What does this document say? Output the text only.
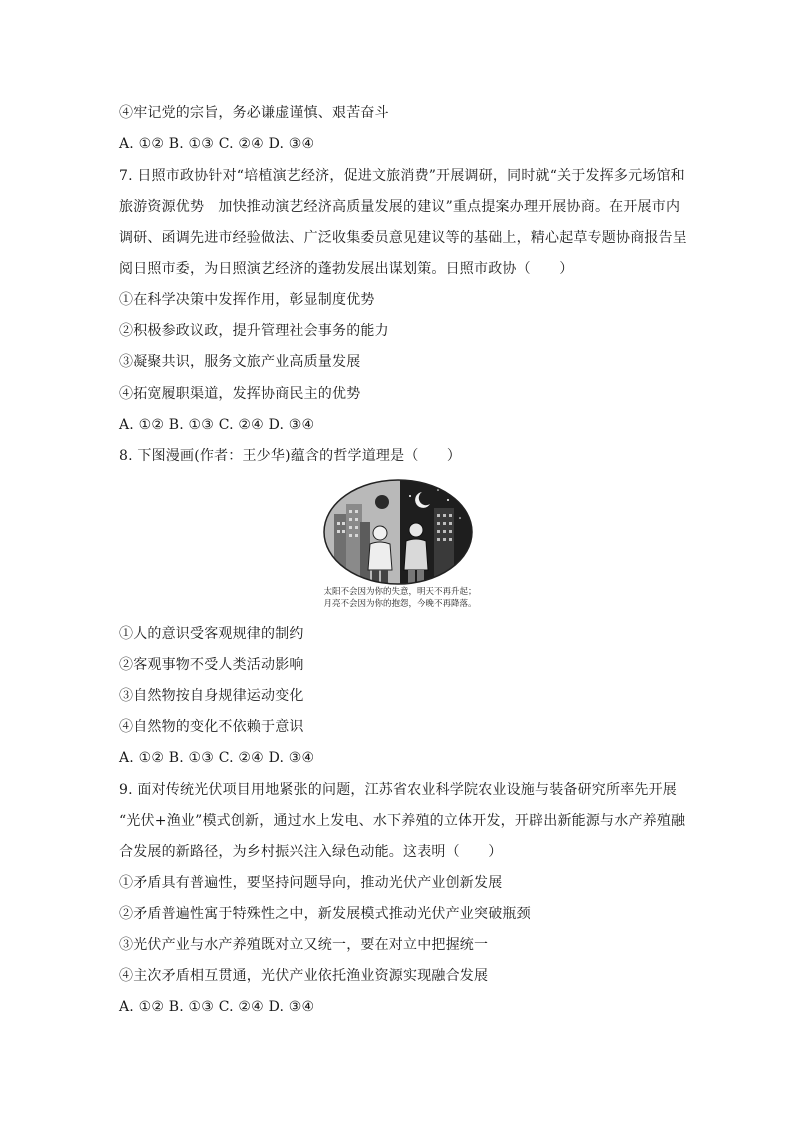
④牢记党的宗旨，务必谦虚谨慎、艰苦奋斗
A. ①② B. ①③ C. ②④ D. ③④
7. 日照市政协针对“培植演艺经济，促进文旅消费”开展调研，同时就“关于发挥多元场馆和
旅游资源优势　加快推动演艺经济高质量发展的建议”重点提案办理开展协商。在开展市内
调研、函调先进市经验做法、广泛收集委员意见建议等的基础上，精心起草专题协商报告呈
阅日照市委，为日照演艺经济的蓬勃发展出谋划策。日照市政协（　　）
①在科学决策中发挥作用，彰显制度优势
②积极参政议政，提升管理社会事务的能力
③凝聚共识，服务文旅产业高质量发展
④拓宽履职渠道，发挥协商民主的优势
A. ①② B. ①③ C. ②④ D. ③④
8. 下图漫画(作者：王少华)蕴含的哲学道理是（　　）
太阳不会因为你的失意，明天不再升起；
月亮不会因为你的抱怨，今晚不再降落。
①人的意识受客观规律的制约
②客观事物不受人类活动影响
③自然物按自身规律运动变化
④自然物的变化不依赖于意识
A. ①② B. ①③ C. ②④ D. ③④
9. 面对传统光伏项目用地紧张的问题，江苏省农业科学院农业设施与装备研究所率先开展
“光伏+渔业”模式创新，通过水上发电、水下养殖的立体开发，开辟出新能源与水产养殖融
合发展的新路径，为乡村振兴注入绿色动能。这表明（　　）
①矛盾具有普遍性，要坚持问题导向，推动光伏产业创新发展
②矛盾普遍性寓于特殊性之中，新发展模式推动光伏产业突破瓶颈
③光伏产业与水产养殖既对立又统一，要在对立中把握统一
④主次矛盾相互贯通，光伏产业依托渔业资源实现融合发展
A. ①② B. ①③ C. ②④ D. ③④
